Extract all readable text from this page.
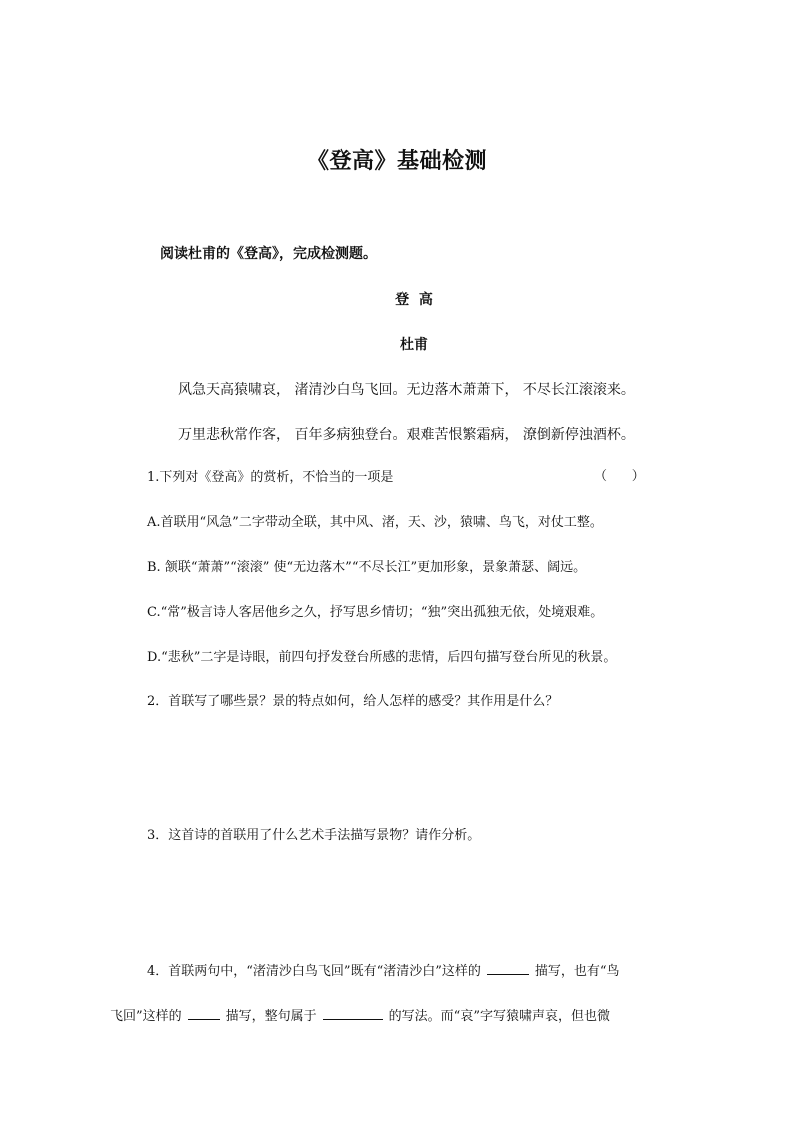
《登高》基础检测
阅读杜甫的《登高》，完成检测题。
登  高
杜甫
风急天高猿啸哀， 渚清沙白鸟飞回。无边落木萧萧下， 不尽长江滚滚来。
万里悲秋常作客， 百年多病独登台。艰难苦恨繁霜病， 潦倒新停浊酒杯。
1.下列对《登高》的赏析，不恰当的一项是	（      ）
A.首联用“风急”二字带动全联，其中风、渚，天、沙，猿啸、鸟飞，对仗工整。
B. 颔联“萧萧”“滚滚” 使“无边落木”“不尽长江”更加形象，景象萧瑟、阔远。
C.“常”极言诗人客居他乡之久，抒写思乡情切；“独”突出孤独无依，处境艰难。
D.“悲秋”二字是诗眼，前四句抒发登台所感的悲情，后四句描写登台所见的秋景。
2．首联写了哪些景？景的特点如何，给人怎样的感受？其作用是什么？
3．这首诗的首联用了什么艺术手法描写景物？请作分析。
4．首联两句中，“渚清沙白鸟飞回”既有“渚清沙白”这样的	描写，也有“鸟
飞回”这样的	描写，整句属于	的写法。而“哀”字写猿啸声哀，但也微
